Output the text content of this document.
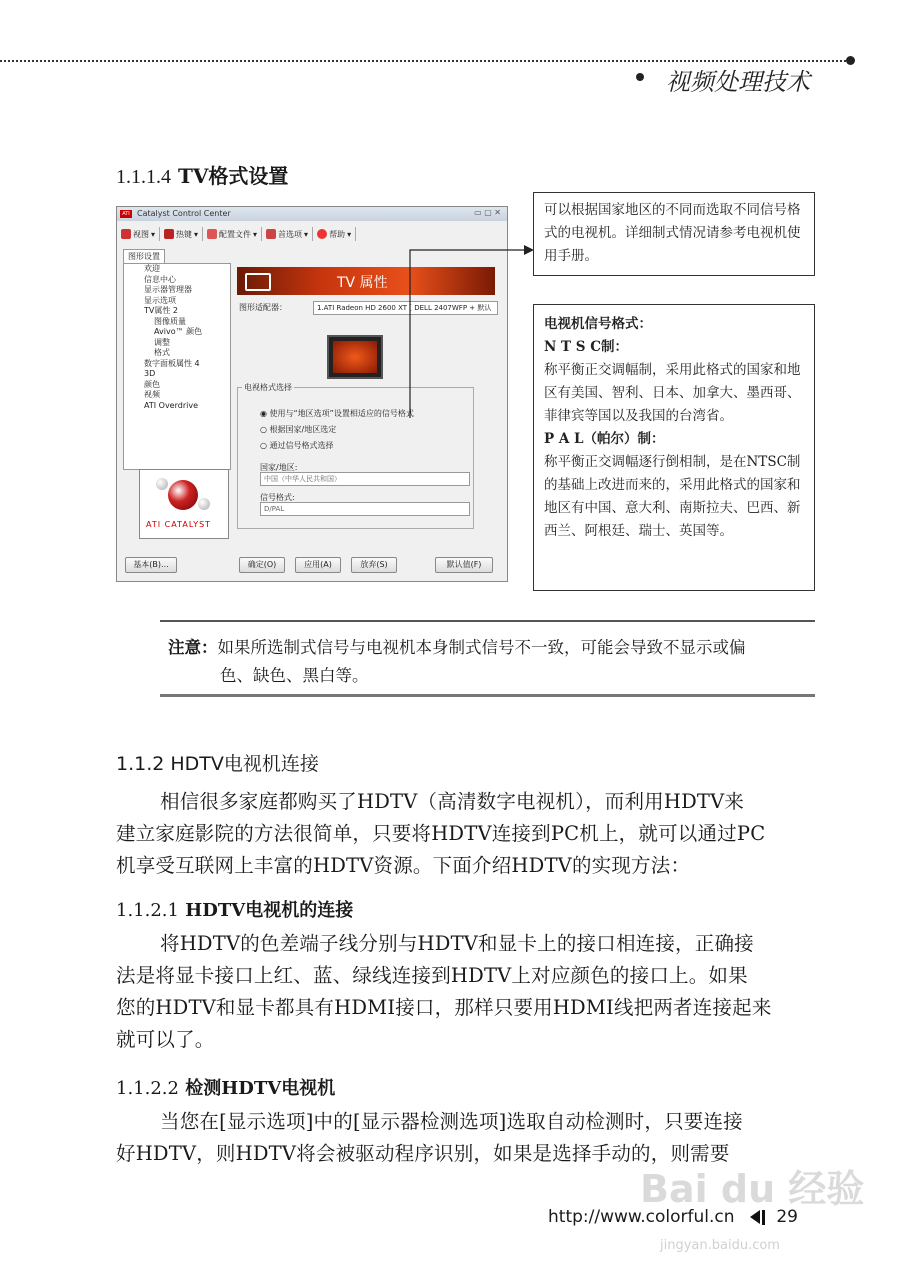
视频处理技术
1.1.1.4 TV格式设置
ATI Catalyst Control Center	▭ ▢ ✕
视图 ▾	热键 ▾	配置文件 ▾	首选项 ▾	帮助 ▾
图形设置
欢迎
信息中心
显示器管理器
显示选项
TV属性 2
图像质量
Avivo™ 颜色
调整
格式
数字面板属性 4
3D
颜色
视频
ATI Overdrive
ATI CATALYST
TV 属性
图形适配器：	1.ATI Radeon HD 2600 XT [ DELL 2407WFP + 默认
电视格式选择
◉ 使用与“地区选项”设置相适应的信号格式
○ 根据国家/地区选定
○ 通过信号格式选择
国家/地区:
中国（中华人民共和国）
信号格式:
D/PAL
基本(B)...	确定(O)	应用(A)	放弃(S)	默认值(F)
可以根据国家地区的不同而选取不同信号格式的电视机。详细制式情况请参考电视机使用手册。
电视机信号格式：
N T S C制：
称平衡正交调幅制，采用此格式的国家和地区有美国、智利、日本、加拿大、墨西哥、菲律宾等国以及我国的台湾省。
P A L（帕尔）制：
称平衡正交调幅逐行倒相制，是在NTSC制的基础上改进而来的，采用此格式的国家和地区有中国、意大利、南斯拉夫、巴西、新西兰、阿根廷、瑞士、英国等。
注意：如果所选制式信号与电视机本身制式信号不一致，可能会导致不显示或偏
色、缺色、黑白等。
1.1.2 HDTV电视机连接
相信很多家庭都购买了HDTV（高清数字电视机），而利用HDTV来
建立家庭影院的方法很简单，只要将HDTV连接到PC机上，就可以通过PC
机享受互联网上丰富的HDTV资源。下面介绍HDTV的实现方法：
1.1.2.1 HDTV电视机的连接
将HDTV的色差端子线分别与HDTV和显卡上的接口相连接，正确接
法是将显卡接口上红、蓝、绿线连接到HDTV上对应颜色的接口上。如果
您的HDTV和显卡都具有HDMI接口，那样只要用HDMI线把两者连接起来
就可以了。
1.1.2.2 检测HDTV电视机
当您在[显示选项]中的[显示器检测选项]选取自动检测时，只要连接
好HDTV，则HDTV将会被驱动程序识别，如果是选择手动的，则需要
http://www.colorful.cn 29
Bai du 经验
jingyan.baidu.com
